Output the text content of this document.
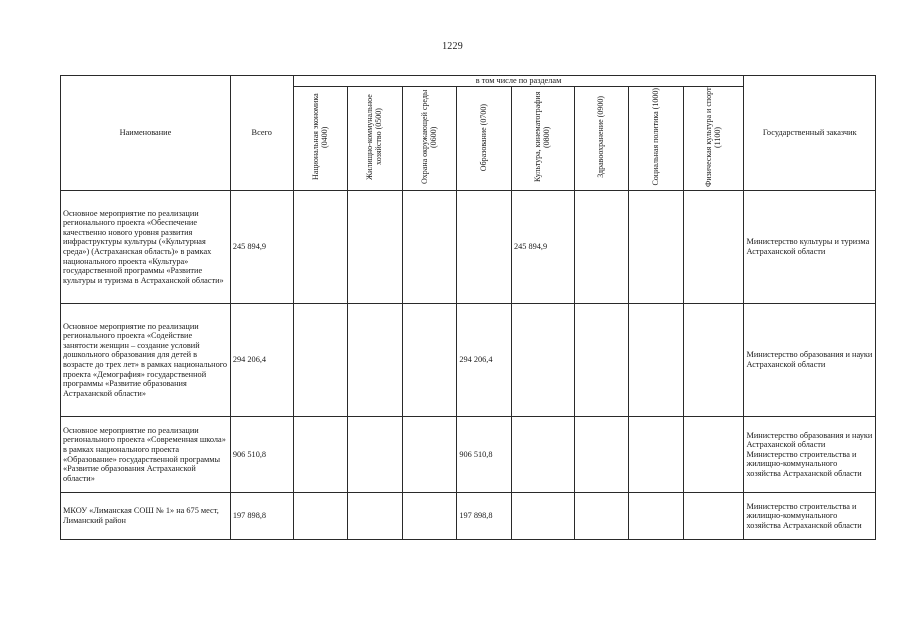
1229
Наименование	Всего	в том числе по разделам								Государственный заказчик
		Национальная экономика (0400)	Жилищно-коммунальное хозяйство (0500)	Охрана окружающей среды (0600)	Образование (0700)	Культура, кинематография (0800)	Здравоохранение (0900)	Социальная политика (1000)	Физическая культура и спорт (1100)	
Основное мероприятие по реализации регионального проекта «Обеспечение качественно нового уровня развития инфраструктуры культуры («Культурная среда») (Астраханская область)» в рамках национального проекта «Культура» государственной программы «Развитие культуры и туризма в Астраханской области»	245 894,9					245 894,9				Министерство культуры и туризма Астраханской области
Основное мероприятие по реализации регионального проекта «Содействие занятости женщин – создание условий дошкольного образования для детей в возрасте до трех лет» в рамках национального проекта «Демография» государственной программы «Развитие образования Астраханской области»	294 206,4				294 206,4					Министерство образования и науки Астраханской области
Основное мероприятие по реализации регионального проекта «Современная школа» в рамках национального проекта «Образование» государственной программы «Развитие образования Астраханской области»	906 510,8				906 510,8					Министерство образования и науки Астраханской области Министерство строительства и жилищно-коммунального хозяйства Астраханской области
МКОУ «Лиманская СОШ № 1» на 675 мест, Лиманский район	197 898,8				197 898,8					Министерство строительства и жилищно-коммунального хозяйства Астраханской области
